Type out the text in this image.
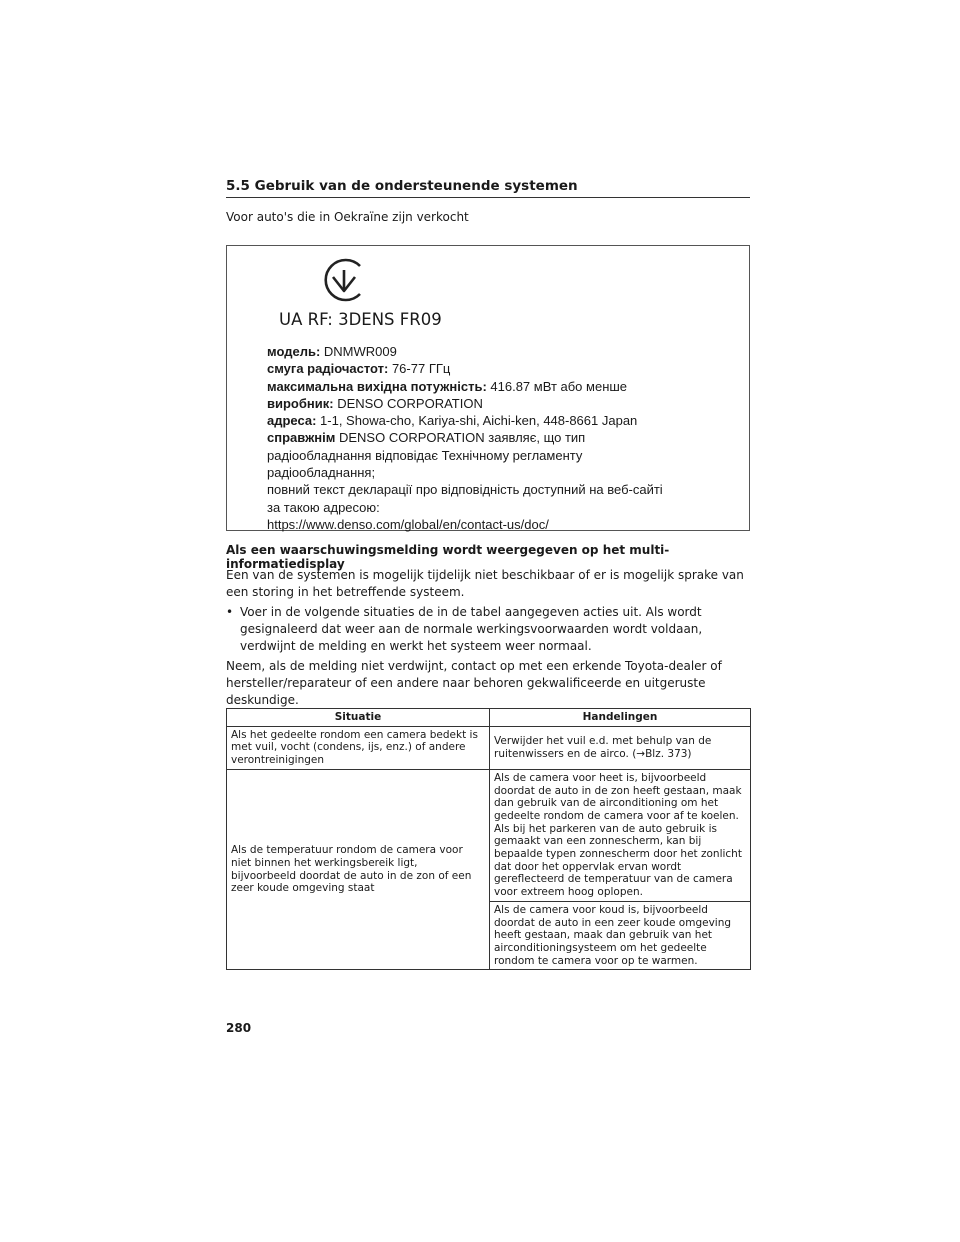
5.5 Gebruik van de ondersteunende systemen
Voor auto's die in Oekraïne zijn verkocht
UA RF: 3DENS FR09
модель: DNMWR009
смуга радіочастот: 76-77 ГГц
максимальна вихідна потужність: 416.87 мВт або менше
виробник: DENSO CORPORATION
адреса: 1-1, Showa-cho, Kariya-shi, Aichi-ken, 448-8661 Japan
справжнім DENSO CORPORATION заявляє, що тип
радіообладнання відповідає Технічному регламенту
радіообладнання;
повний текст декларації про відповідність доступний на веб-сайті
за такою адресою:
https://www.denso.com/global/en/contact-us/doc/
Als een waarschuwingsmelding wordt weergegeven op het multi-informatiedisplay
Een van de systemen is mogelijk tijdelijk niet beschikbaar of er is mogelijk sprake van een storing in het betreffende systeem.
• Voer in de volgende situaties de in de tabel aangegeven acties uit. Als wordt gesignaleerd dat weer aan de normale werkingsvoorwaarden wordt voldaan, verdwijnt de melding en werkt het systeem weer normaal.
Neem, als de melding niet verdwijnt, contact op met een erkende Toyota-dealer of hersteller/reparateur of een andere naar behoren gekwalificeerde en uitgeruste deskundige.
Situatie	Handelingen
Als het gedeelte rondom een camera bedekt is met vuil, vocht (condens, ijs, enz.) of andere verontreinigingen	Verwijder het vuil e.d. met behulp van de ruitenwissers en de airco. (→Blz. 373)
Als de temperatuur rondom de camera voor niet binnen het werkingsbereik ligt, bijvoorbeeld doordat de auto in de zon of een zeer koude omgeving staat	Als de camera voor heet is, bijvoorbeeld doordat de auto in de zon heeft gestaan, maak dan gebruik van de airconditioning om het gedeelte rondom de camera voor af te koelen. Als bij het parkeren van de auto gebruik is gemaakt van een zonnescherm, kan bij bepaalde typen zonnescherm door het zonlicht dat door het oppervlak ervan wordt gereflecteerd de temperatuur van de camera voor extreem hoog oplopen.
	Als de camera voor koud is, bijvoorbeeld doordat de auto in een zeer koude omgeving heeft gestaan, maak dan gebruik van het airconditioningsysteem om het gedeelte rondom te camera voor op te warmen.
280
